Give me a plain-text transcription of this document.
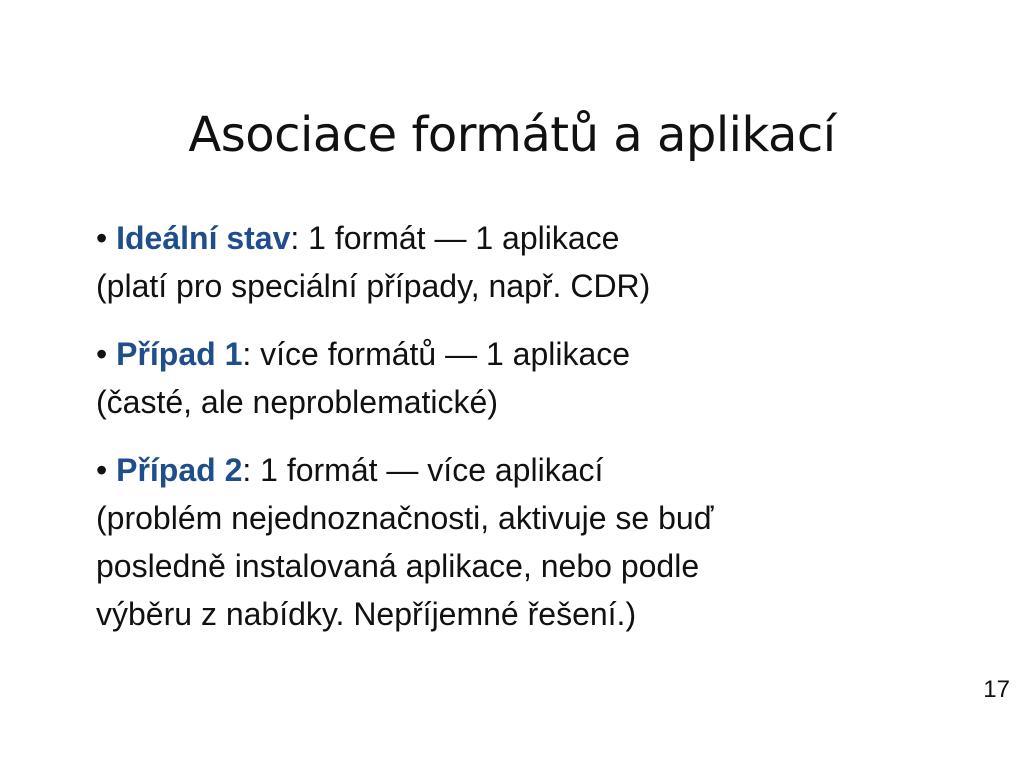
Asociace formátů a aplikací
• Ideální stav: 1 formát — 1 aplikace
(platí pro speciální případy, např. CDR)
• Případ 1: více formátů — 1 aplikace
(časté, ale neproblematické)
• Případ 2: 1 formát — více aplikací
(problém nejednoznačnosti, aktivuje se buď
posledně instalovaná aplikace, nebo podle
výběru z nabídky. Nepříjemné řešení.)
17
